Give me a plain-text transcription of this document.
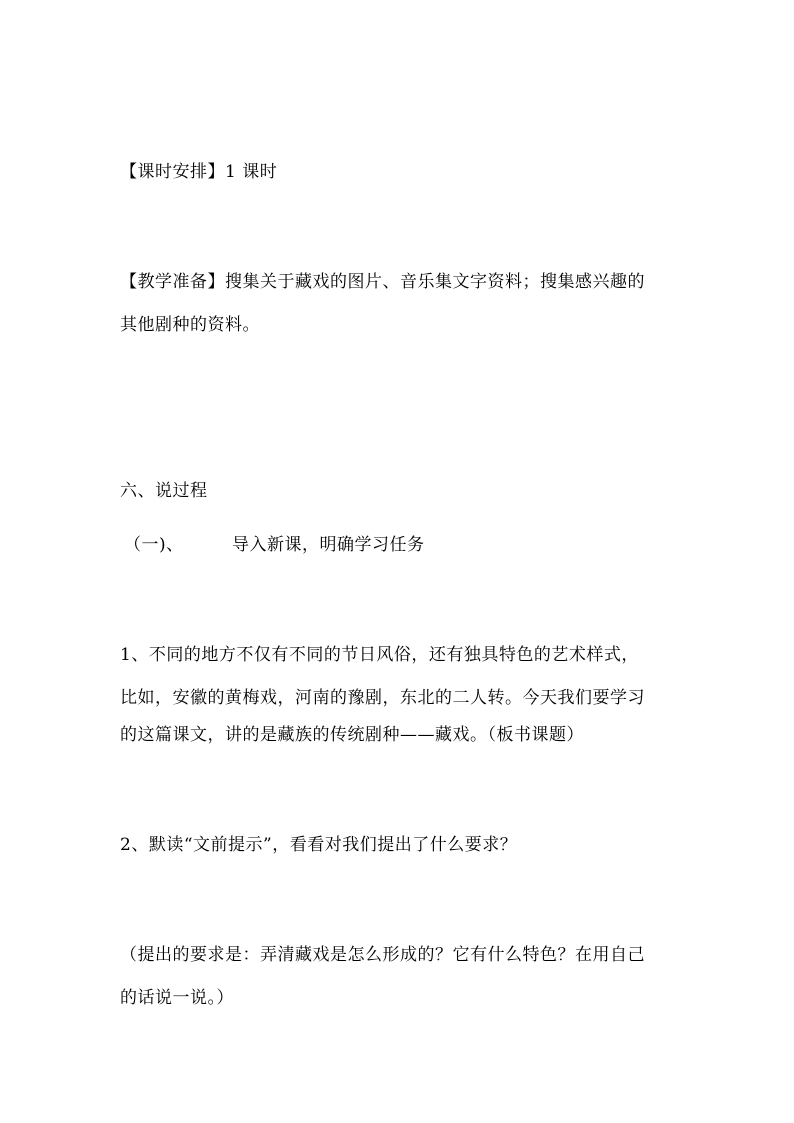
【课时安排】1 课时
【教学准备】搜集关于藏戏的图片、音乐集文字资料；搜集感兴趣的
其他剧种的资料。
六、说过程
（一)、	导入新课，明确学习任务
1、不同的地方不仅有不同的节日风俗，还有独具特色的艺术样式，
比如，安徽的黄梅戏，河南的豫剧，东北的二人转。今天我们要学习
的这篇课文，讲的是藏族的传统剧种——藏戏。（板书课题）
2、默读“文前提示”，看看对我们提出了什么要求？
（提出的要求是：弄清藏戏是怎么形成的？它有什么特色？在用自己
的话说一说。）
